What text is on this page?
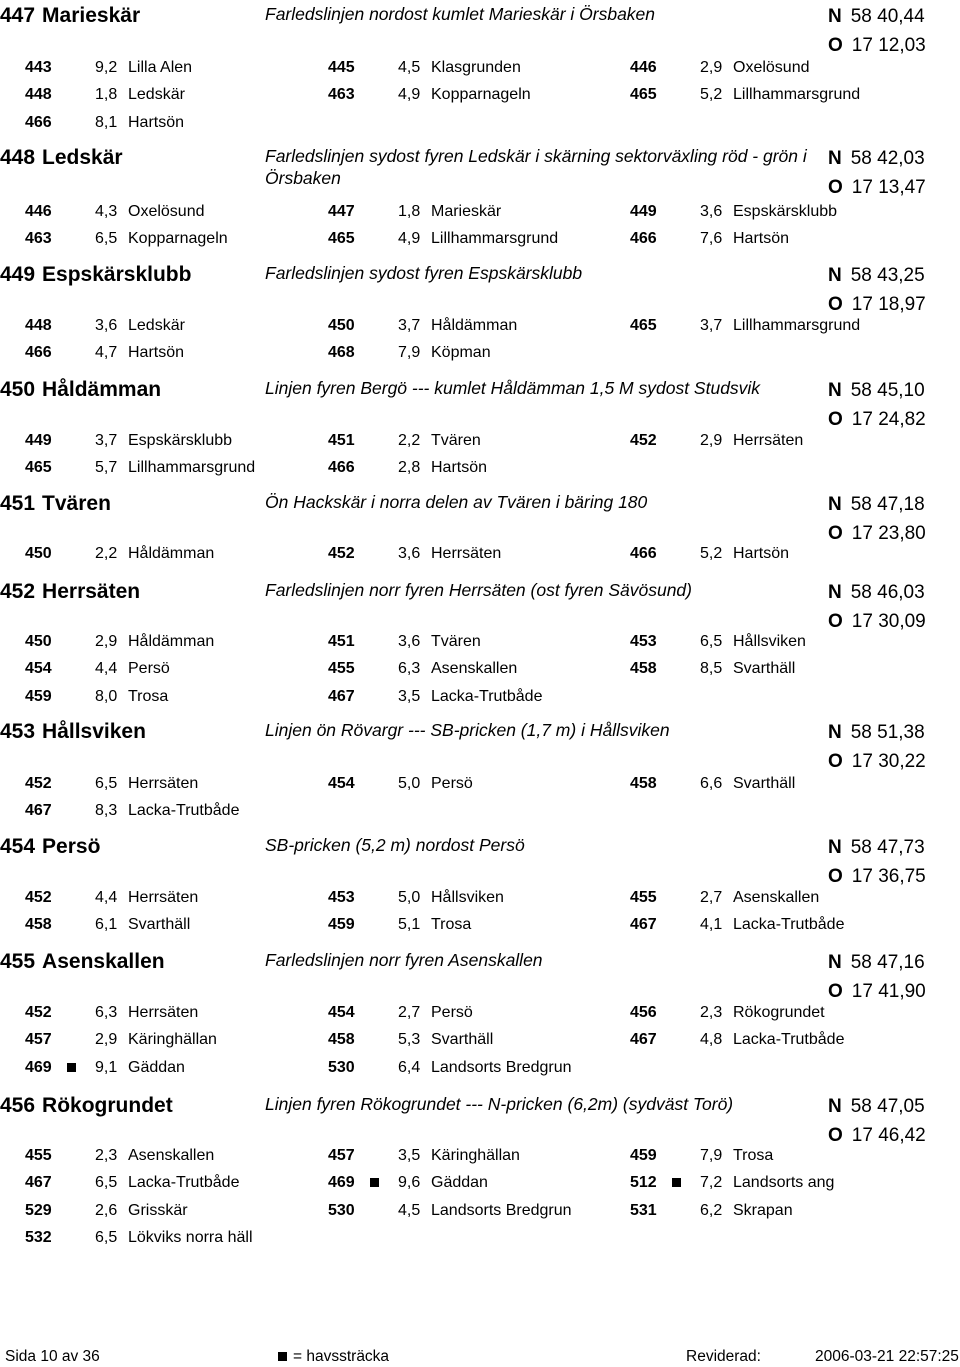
447 Marieskär	Farledslinjen nordost kumlet Marieskär i Örsbaken	N 58 40,44
O 17 12,03
443	9,2 Lilla Alen	445	4,5 Klasgrunden	446	2,9 Oxelösund
448	1,8 Ledskär	463	4,9 Kopparnageln	465	5,2 Lillhammarsgrund
466	8,1 Hartsön
448 Ledskär	Farledslinjen sydost fyren Ledskär i skärning sektorväxling röd - grön i Örsbaken
N 58 42,03
O 17 13,47
446	4,3 Oxelösund	447	1,8 Marieskär	449	3,6 Espskärsklubb
463	6,5 Kopparnageln	465	4,9 Lillhammarsgrund	466	7,6 Hartsön
449 Espskärsklubb	Farledslinjen sydost fyren Espskärsklubb	N 58 43,25
O 17 18,97
448	3,6 Ledskär	450	3,7 Håldämman	465	3,7 Lillhammarsgrund
466	4,7 Hartsön	468	7,9 Köpman
450 Håldämman	Linjen fyren Bergö --- kumlet Håldämman 1,5 M sydost Studsvik	N 58 45,10
O 17 24,82
449	3,7 Espskärsklubb	451	2,2 Tvären	452	2,9 Herrsäten
465	5,7 Lillhammarsgrund	466	2,8 Hartsön
451 Tvären	Ön Hackskär i norra delen av Tvären i bäring 180	N 58 47,18
O 17 23,80
450	2,2 Håldämman	452	3,6 Herrsäten	466	5,2 Hartsön
452 Herrsäten	Farledslinjen norr fyren Herrsäten (ost fyren Sävösund)	N 58 46,03
O 17 30,09
450	2,9 Håldämman	451	3,6 Tvären	453	6,5 Hållsviken
454	4,4 Persö	455	6,3 Asenskallen	458	8,5 Svarthäll
459	8,0 Trosa	467	3,5 Lacka-Trutbåde
453 Hållsviken	Linjen ön Rövargr --- SB-pricken (1,7 m) i Hållsviken	N 58 51,38
O 17 30,22
452	6,5 Herrsäten	454	5,0 Persö	458	6,6 Svarthäll
467	8,3 Lacka-Trutbåde
454 Persö	SB-pricken (5,2 m) nordost Persö	N 58 47,73
O 17 36,75
452	4,4 Herrsäten	453	5,0 Hållsviken	455	2,7 Asenskallen
458	6,1 Svarthäll	459	5,1 Trosa	467	4,1 Lacka-Trutbåde
455 Asenskallen	Farledslinjen norr fyren Asenskallen	N 58 47,16
O 17 41,90
452	6,3 Herrsäten	454	2,7 Persö	456	2,3 Rökogrundet
457	2,9 Käringhällan	458	5,3 Svarthäll	467	4,8 Lacka-Trutbåde
469	9,1 Gäddan	530	6,4 Landsorts Bredgrun
456 Rökogrundet	Linjen fyren Rökogrundet --- N-pricken (6,2m) (sydväst Torö)	N 58 47,05
O 17 46,42
455	2,3 Asenskallen	457	3,5 Käringhällan	459	7,9 Trosa
467	6,5 Lacka-Trutbåde	469	9,6 Gäddan	512	7,2 Landsorts ang
529	2,6 Grisskär	530	4,5 Landsorts Bredgrun	531	6,2 Skrapan
532	6,5 Lökviks norra häll
Sida 10 av 36	= havssträcka	Reviderad:	2006-03-21 22:57:25
